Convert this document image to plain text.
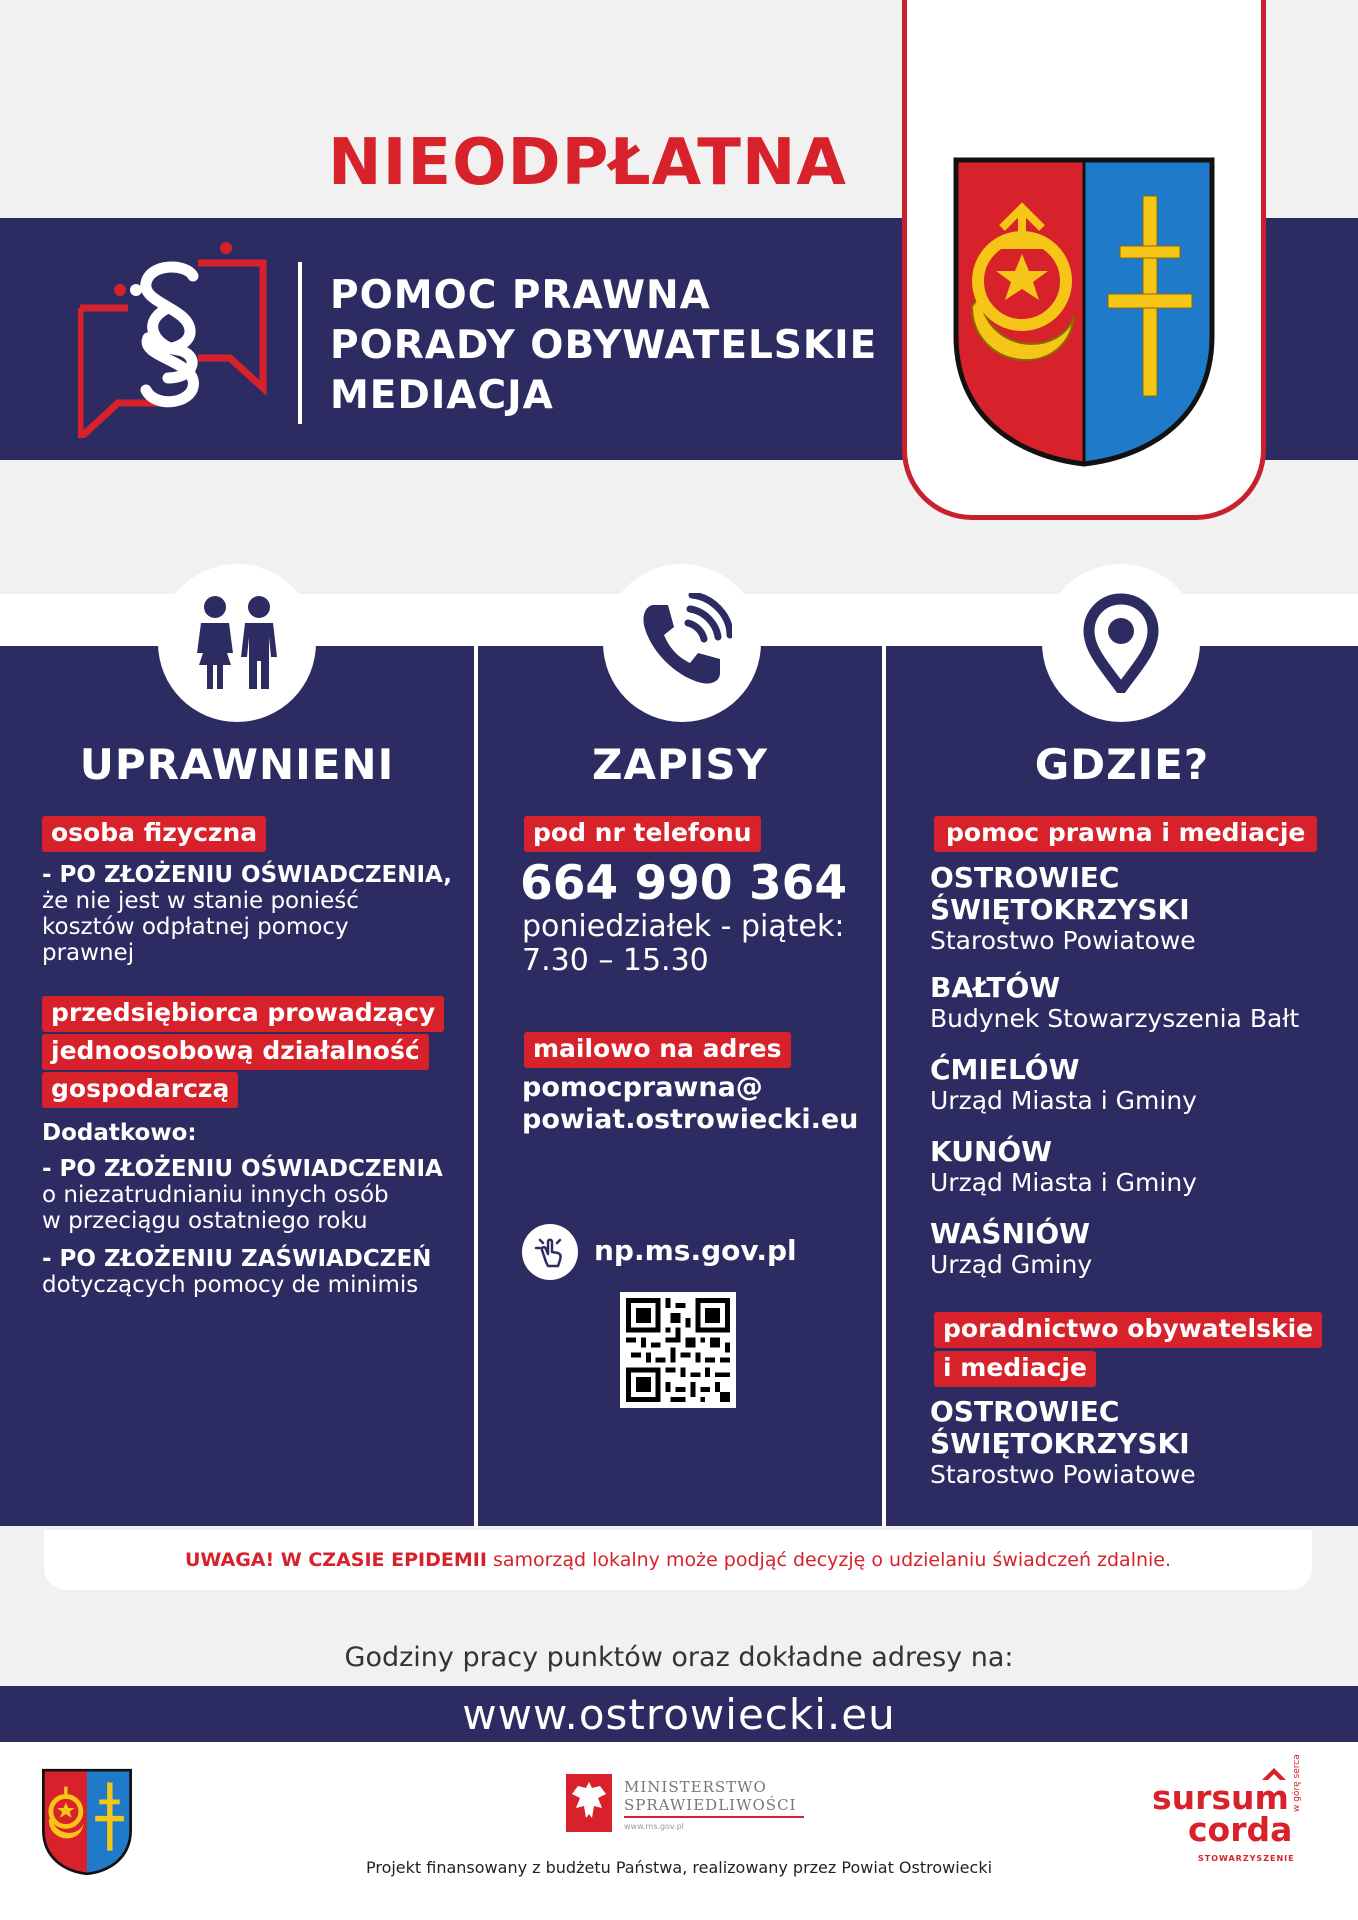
NIEODPŁATNA
POMOC PRAWNA
PORADY OBYWATELSKIE
MEDIACJA
UPRAWNIENI
osoba fizyczna
- PO ZŁOŻENIU OŚWIADCZENIA,
że nie jest w stanie ponieść
kosztów odpłatnej pomocy
prawnej
przedsiębiorca prowadzący
jednoosobową działalność
gospodarczą
Dodatkowo:
- PO ZŁOŻENIU OŚWIADCZENIA
o niezatrudnianiu innych osób
w przeciągu ostatniego roku
- PO ZŁOŻENIU ZAŚWIADCZEŃ
dotyczących pomocy de minimis
ZAPISY
pod nr telefonu
664 990 364
poniedziałek - piątek:
7.30 – 15.30
mailowo na adres
pomocprawna@
powiat.ostrowiecki.eu
np.ms.gov.pl
GDZIE?
pomoc prawna i mediacje
OSTROWIEC
ŚWIĘTOKRZYSKI
Starostwo Powiatowe
BAŁTÓW
Budynek Stowarzyszenia Bałt
ĆMIELÓW
Urząd Miasta i Gminy
KUNÓW
Urząd Miasta i Gminy
WAŚNIÓW
Urząd Gminy
poradnictwo obywatelskie
i mediacje
OSTROWIEC
ŚWIĘTOKRZYSKI
Starostwo Powiatowe
UWAGA! W CZASIE EPIDEMII samorząd lokalny może podjąć decyzję o udzielaniu świadczeń zdalnie.
Godziny pracy punktów oraz dokładne adresy na:
www.ostrowiecki.eu
MINISTERSTWO
SPRAWIEDLIWOŚCI
www.ms.gov.pl
sursum
corda
STOWARZYSZENIE
w górę serca
Projekt finansowany z budżetu Państwa, realizowany przez Powiat Ostrowiecki
